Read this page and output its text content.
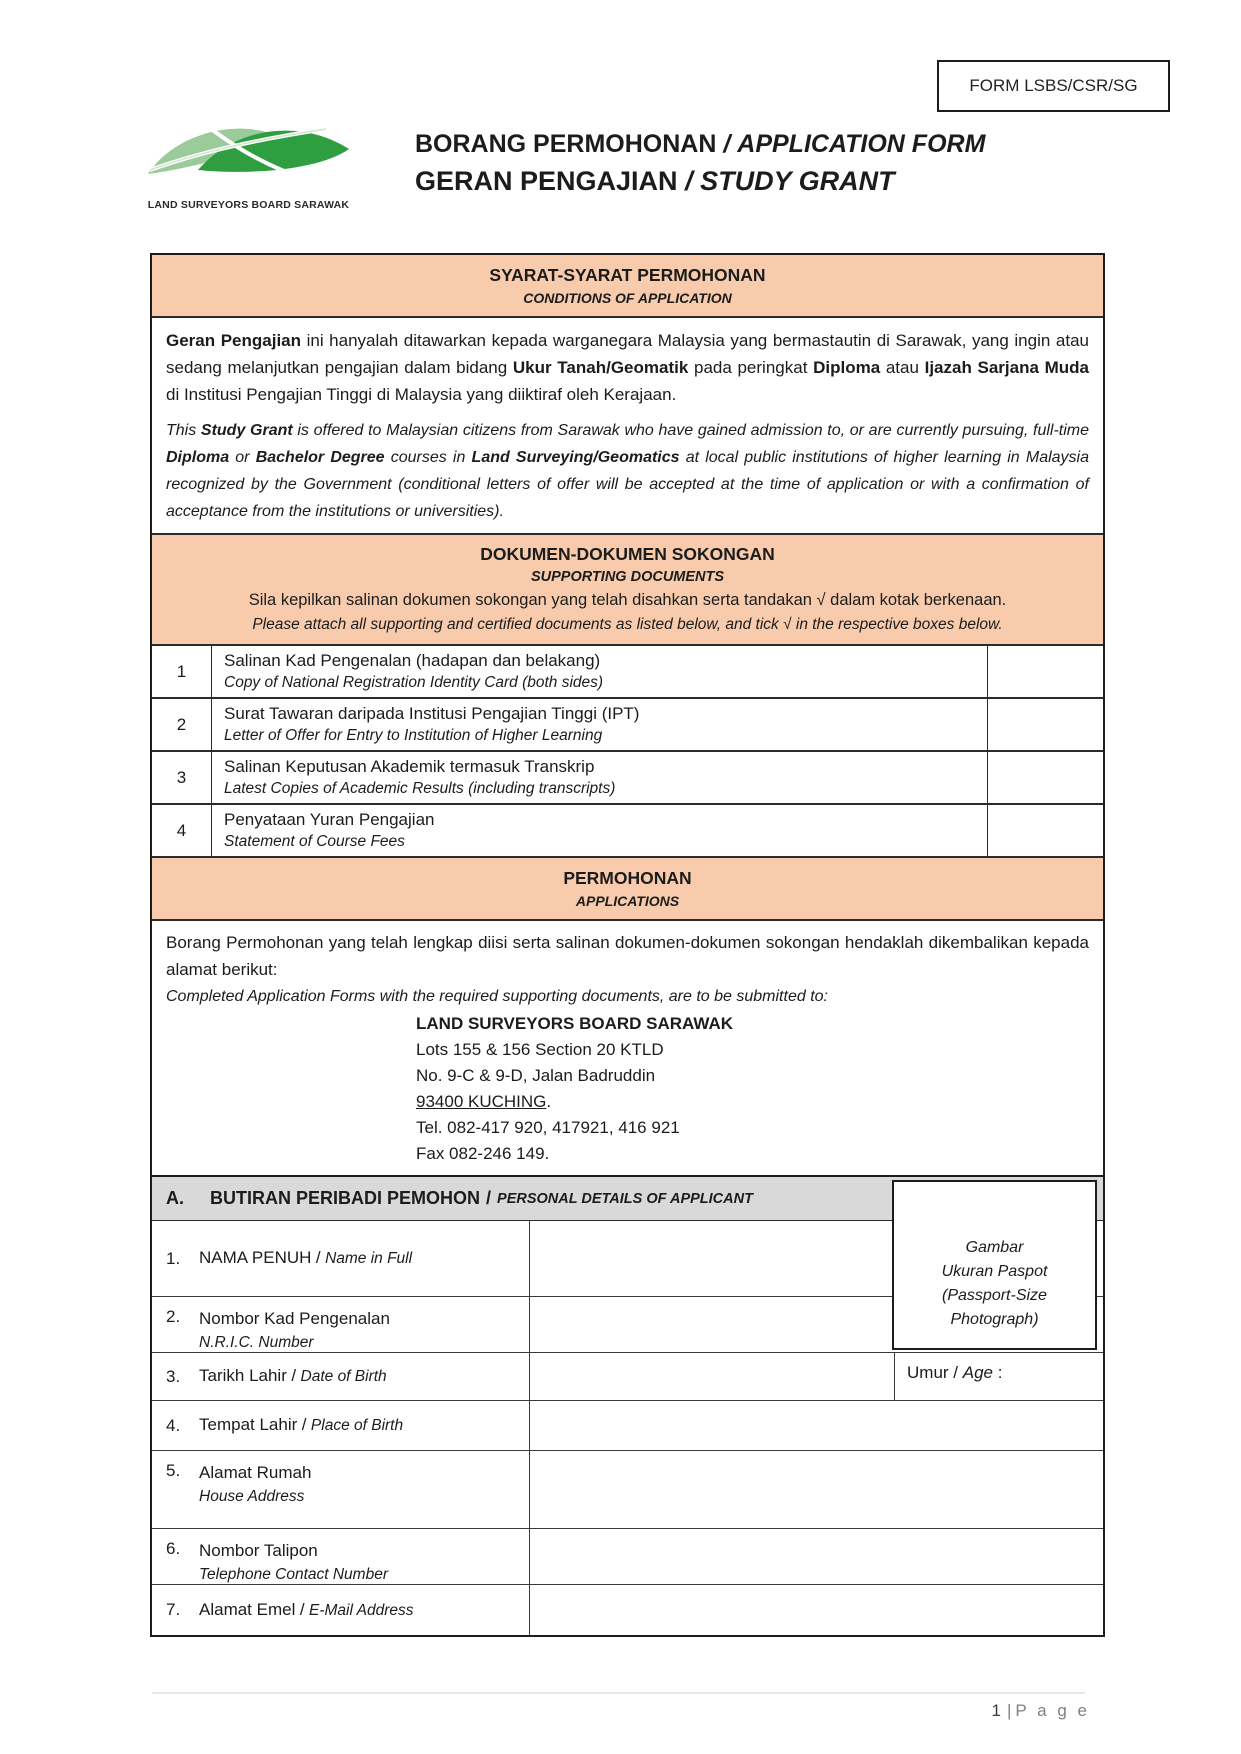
FORM LSBS/CSR/SG
LAND SURVEYORS BOARD SARAWAK
BORANG PERMOHONAN / APPLICATION FORM
GERAN PENGAJIAN / STUDY GRANT
SYARAT-SYARAT PERMOHONAN
CONDITIONS OF APPLICATION

Geran Pengajian ini hanyalah ditawarkan kepada warganegara Malaysia yang bermastautin di Sarawak, yang ingin atau sedang melanjutkan pengajian dalam bidang Ukur Tanah/Geomatik pada peringkat Diploma atau Ijazah Sarjana Muda di Institusi Pengajian Tinggi di Malaysia yang diiktiraf oleh Kerajaan.

This Study Grant is offered to Malaysian citizens from Sarawak who have gained admission to, or are currently pursuing, full-time Diploma or Bachelor Degree courses in Land Surveying/Geomatics at local public institutions of higher learning in Malaysia recognized by the Government (conditional letters of offer will be accepted at the time of application or with a confirmation of acceptance from the institutions or universities).

DOKUMEN-DOKUMEN SOKONGAN
SUPPORTING DOCUMENTS
Sila kepilkan salinan dokumen sokongan yang telah disahkan serta tandakan √ dalam kotak berkenaan.
Please attach all supporting and certified documents as listed below, and tick √ in the respective boxes below.
1
Salinan Kad Pengenalan (hadapan dan belakang)
Copy of National Registration Identity Card (both sides)
2
Surat Tawaran daripada Institusi Pengajian Tinggi (IPT)
Letter of Offer for Entry to Institution of Higher Learning
3
Salinan Keputusan Akademik termasuk Transkrip
Latest Copies of Academic Results (including transcripts)
4
Penyataan Yuran Pengajian
Statement of Course Fees
PERMOHONAN
APPLICATIONS

Borang Permohonan yang telah lengkap diisi serta salinan dokumen-dokumen sokongan hendaklah dikembalikan kepada alamat berikut:

Completed Application Forms with the required supporting documents, are to be submitted to:

LAND SURVEYORS BOARD SARAWAK
Lots 155 & 156 Section 20 KTLD
No. 9-C & 9-D, Jalan Badruddin
93400 KUCHING.
Tel. 082-417 920, 417921, 416 921
Fax 082-246 149.
A.	BUTIRAN PERIBADI PEMOHON / PERSONAL DETAILS OF APPLICANT
1.	NAMA PENUH / Name in Full
2.	Nombor Kad Pengenalan
N.R.I.C. Number
3.	Tarikh Lahir / Date of Birth	Umur / Age :
4.	Tempat Lahir / Place of Birth
5.	Alamat Rumah
House Address
6.	Nombor Talipon
Telephone Contact Number
7.	Alamat Emel / E-Mail Address
Gambar
Ukuran Paspot
(Passport-Size
Photograph)
1 | P a g e
